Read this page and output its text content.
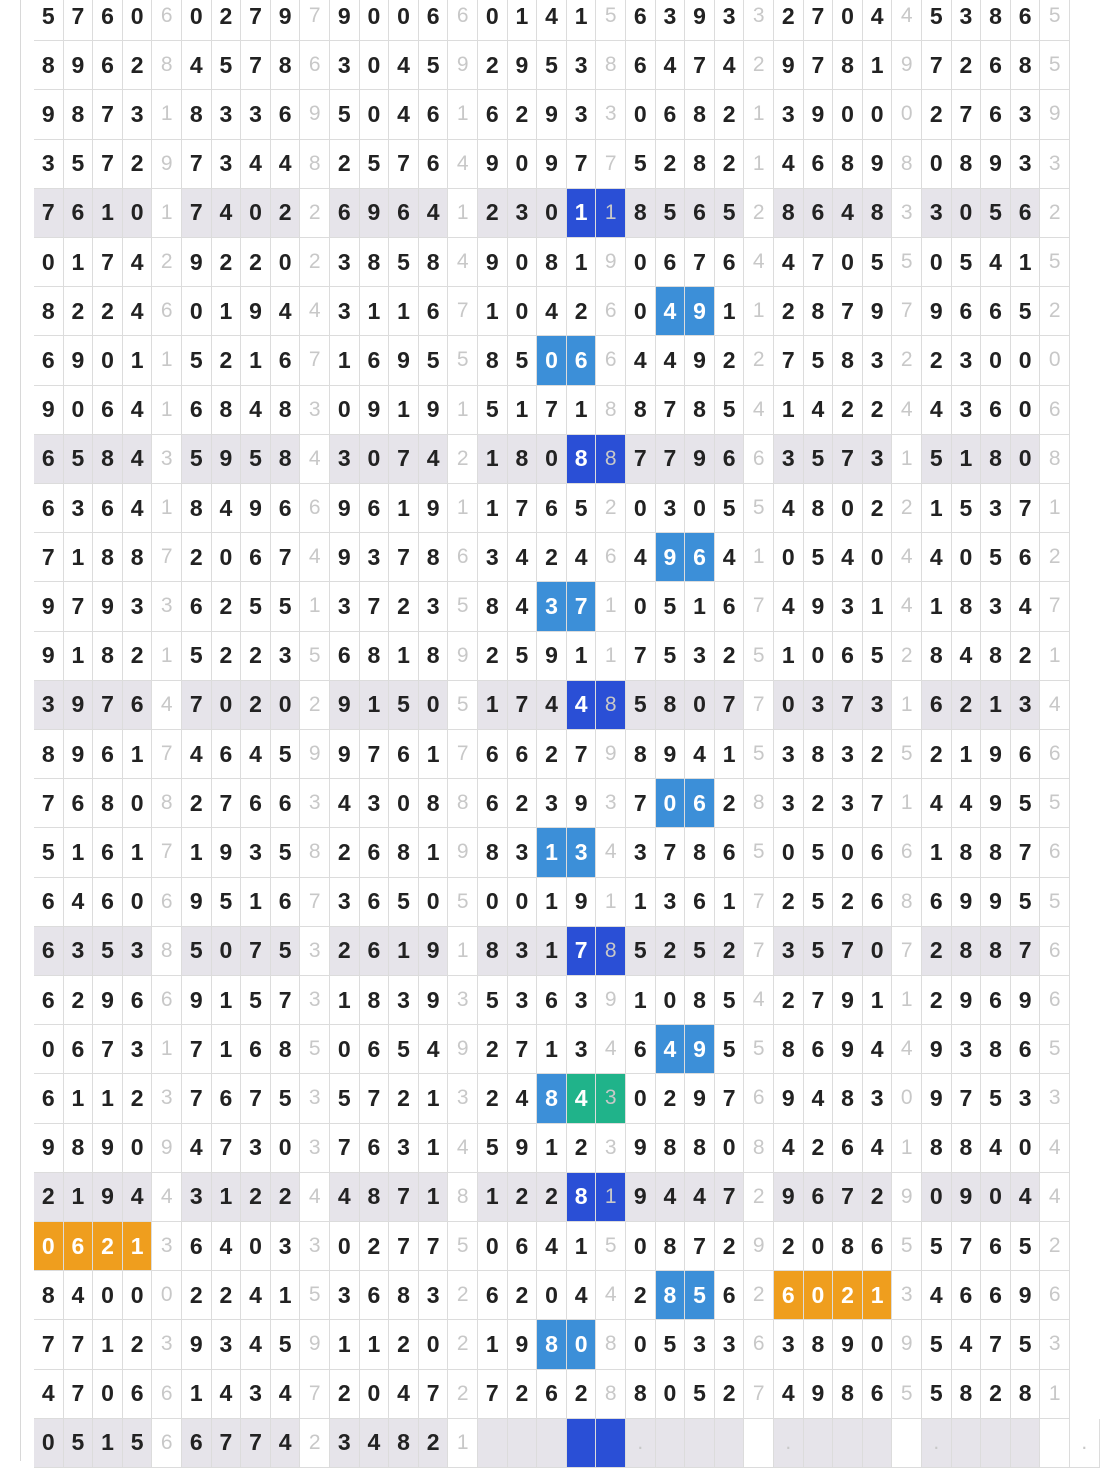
5 7 6 0 6 0 2 7 9 7 9 0 0 6 6 0 1 4 1 5 6 3 9 3 3 2 7 0 4 4 5 3 8 6 5
8 9 6 2 8 4 5 7 8 6 3 0 4 5 9 2 9 5 3 8 6 4 7 4 2 9 7 8 1 9 7 2 6 8 5
9 8 7 3 1 8 3 3 6 9 5 0 4 6 1 6 2 9 3 3 0 6 8 2 1 3 9 0 0 0 2 7 6 3 9
3 5 7 2 9 7 3 4 4 8 2 5 7 6 4 9 0 9 7 7 5 2 8 2 1 4 6 8 9 8 0 8 9 3 3
7 6 1 0 1 7 4 0 2 2 6 9 6 4 1 2 3 0 1 1 8 5 6 5 2 8 6 4 8 3 3 0 5 6 2
0 1 7 4 2 9 2 2 0 2 3 8 5 8 4 9 0 8 1 9 0 6 7 6 4 4 7 0 5 5 0 5 4 1 5
8 2 2 4 6 0 1 9 4 4 3 1 1 6 7 1 0 4 2 6 0 4 9 1 1 2 8 7 9 7 9 6 6 5 2
6 9 0 1 1 5 2 1 6 7 1 6 9 5 5 8 5 0 6 6 4 4 9 2 2 7 5 8 3 2 2 3 0 0 0
9 0 6 4 1 6 8 4 8 3 0 9 1 9 1 5 1 7 1 8 8 7 8 5 4 1 4 2 2 4 4 3 6 0 6
6 5 8 4 3 5 9 5 8 4 3 0 7 4 2 1 8 0 8 8 7 7 9 6 6 3 5 7 3 1 5 1 8 0 8
6 3 6 4 1 8 4 9 6 6 9 6 1 9 1 1 7 6 5 2 0 3 0 5 5 4 8 0 2 2 1 5 3 7 1
7 1 8 8 7 2 0 6 7 4 9 3 7 8 6 3 4 2 4 6 4 9 6 4 1 0 5 4 0 4 4 0 5 6 2
9 7 9 3 3 6 2 5 5 1 3 7 2 3 5 8 4 3 7 1 0 5 1 6 7 4 9 3 1 4 1 8 3 4 7
9 1 8 2 1 5 2 2 3 5 6 8 1 8 9 2 5 9 1 1 7 5 3 2 5 1 0 6 5 2 8 4 8 2 1
3 9 7 6 4 7 0 2 0 2 9 1 5 0 5 1 7 4 4 8 5 8 0 7 7 0 3 7 3 1 6 2 1 3 4
8 9 6 1 7 4 6 4 5 9 9 7 6 1 7 6 6 2 7 9 8 9 4 1 5 3 8 3 2 5 2 1 9 6 6
7 6 8 0 8 2 7 6 6 3 4 3 0 8 8 6 2 3 9 3 7 0 6 2 8 3 2 3 7 1 4 4 9 5 5
5 1 6 1 7 1 9 3 5 8 2 6 8 1 9 8 3 1 3 4 3 7 8 6 5 0 5 0 6 6 1 8 8 7 6
6 4 6 0 6 9 5 1 6 7 3 6 5 0 5 0 0 1 9 1 1 3 6 1 7 2 5 2 6 8 6 9 9 5 5
6 3 5 3 8 5 0 7 5 3 2 6 1 9 1 8 3 1 7 8 5 2 5 2 7 3 5 7 0 7 2 8 8 7 6
6 2 9 6 6 9 1 5 7 3 1 8 3 9 3 5 3 6 3 9 1 0 8 5 4 2 7 9 1 1 2 9 6 9 6
0 6 7 3 1 7 1 6 8 5 0 6 5 4 9 2 7 1 3 4 6 4 9 5 5 8 6 9 4 4 9 3 8 6 5
6 1 1 2 3 7 6 7 5 3 5 7 2 1 3 2 4 8 4 3 0 2 9 7 6 9 4 8 3 0 9 7 5 3 3
9 8 9 0 9 4 7 3 0 3 7 6 3 1 4 5 9 1 2 3 9 8 8 0 8 4 2 6 4 1 8 8 4 0 4
2 1 9 4 4 3 1 2 2 4 4 8 7 1 8 1 2 2 8 1 9 4 4 7 2 9 6 7 2 9 0 9 0 4 4
0 6 2 1 3 6 4 0 3 3 0 2 7 7 5 0 6 4 1 5 0 8 7 2 9 2 0 8 6 5 5 7 6 5 2
8 4 0 0 0 2 2 4 1 5 3 6 8 3 2 6 2 0 4 4 2 8 5 6 2 6 0 2 1 3 4 6 6 9 6
7 7 1 2 3 9 3 4 5 9 1 1 2 0 2 1 9 8 0 8 0 5 3 3 6 3 8 9 0 9 5 4 7 5 3
4 7 0 6 6 1 4 3 4 7 2 0 4 7 2 7 2 6 2 8 8 0 5 2 7 4 9 8 6 5 5 8 2 8 1
0 5 1 5 6 6 7 7 4 2 3 4 8 2 1	.	.	.	.
